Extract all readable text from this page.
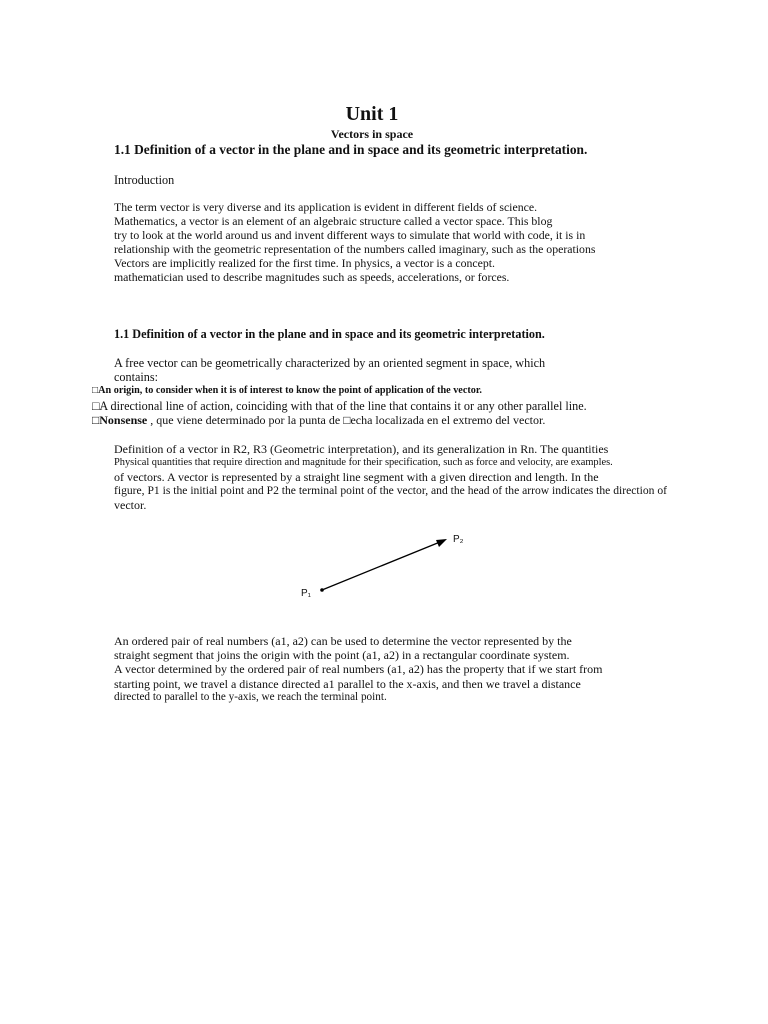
Unit 1
Vectors in space
1.1 Definition of a vector in the plane and in space and its geometric interpretation.
Introduction
The term vector is very diverse and its application is evident in different fields of science.
Mathematics, a vector is an element of an algebraic structure called a vector space. This blog
try to look at the world around us and invent different ways to simulate that world with code, it is in
relationship with the geometric representation of the numbers called imaginary, such as the operations
Vectors are implicitly realized for the first time. In physics, a vector is a concept.
mathematician used to describe magnitudes such as speeds, accelerations, or forces.
1.1 Definition of a vector in the plane and in space and its geometric interpretation.
A free vector can be geometrically characterized by an oriented segment in space, which
contains:
□An origin, to consider when it is of interest to know the point of application of the vector.
□A directional line of action, coinciding with that of the line that contains it or any other parallel line.
□Nonsense , que viene determinado por la punta de □echa localizada en el extremo del vector.
Definition of a vector in R2, R3 (Geometric interpretation), and its generalization in Rn. The quantities
Physical quantities that require direction and magnitude for their specification, such as force and velocity, are examples.
of vectors. A vector is represented by a straight line segment with a given direction and length. In the
figure, P1 is the initial point and P2 the terminal point of the vector, and the head of the arrow indicates the direction of
vector.
P₁
P₂
An ordered pair of real numbers (a1, a2) can be used to determine the vector represented by the
straight segment that joins the origin with the point (a1, a2) in a rectangular coordinate system.
A vector determined by the ordered pair of real numbers (a1, a2) has the property that if we start from
starting point, we travel a distance directed a1 parallel to the x-axis, and then we travel a distance
directed to parallel to the y-axis, we reach the terminal point.
